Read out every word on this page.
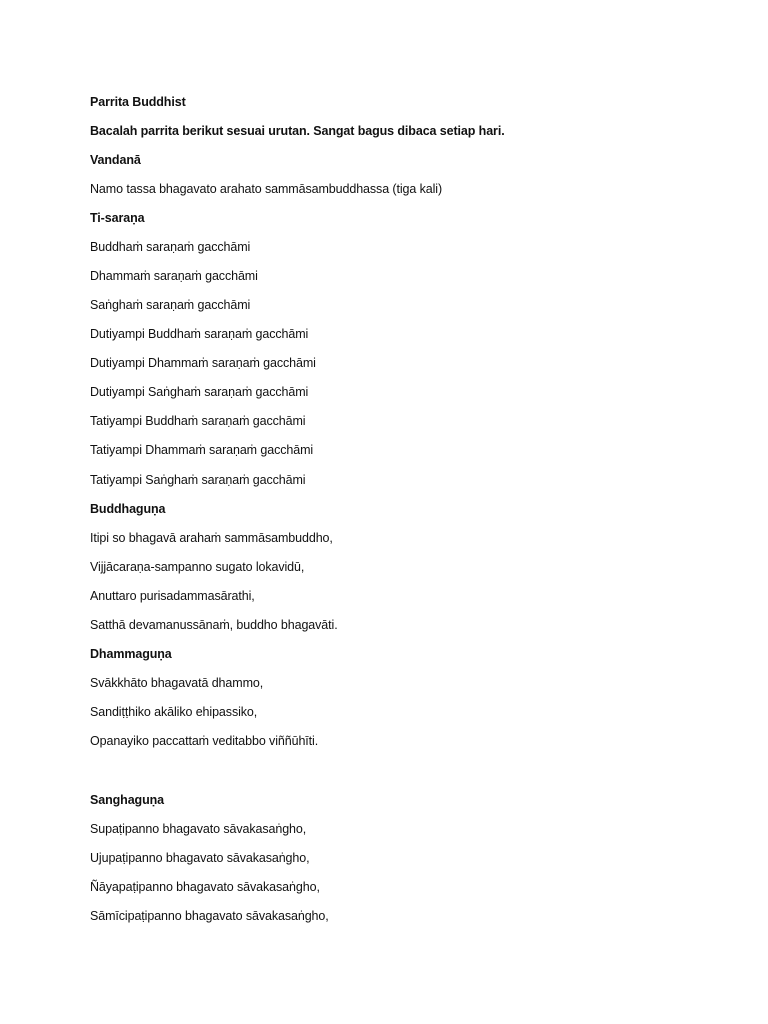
Parrita Buddhist
Bacalah parrita berikut sesuai urutan. Sangat bagus dibaca setiap hari.
Vandanā
Namo tassa bhagavato arahato sammāsambuddhassa (tiga kali)
Ti-saraṇa
Buddhaṁ saraṇaṁ gacchāmi
Dhammaṁ saraṇaṁ gacchāmi
Saṅghaṁ saraṇaṁ gacchāmi
Dutiyampi Buddhaṁ saraṇaṁ gacchāmi
Dutiyampi Dhammaṁ saraṇaṁ gacchāmi
Dutiyampi Saṅghaṁ saraṇaṁ gacchāmi
Tatiyampi Buddhaṁ saraṇaṁ gacchāmi
Tatiyampi Dhammaṁ saraṇaṁ gacchāmi
Tatiyampi Saṅghaṁ saraṇaṁ gacchāmi
Buddhaguṇa
Itipi so bhagavā arahaṁ sammāsambuddho,
Vijjācaraṇa-sampanno sugato lokavidū,
Anuttaro purisadammasārathi,
Satthā devamanussānaṁ, buddho bhagavāti.
Dhammaguṇa
Svākkhāto bhagavatā dhammo,
Sandiṭṭhiko akāliko ehipassiko,
Opanayiko paccattaṁ veditabbo viññūhīti.
Sanghaguṇa
Supaṭipanno bhagavato sāvakasaṅgho,
Ujupaṭipanno bhagavato sāvakasaṅgho,
Ñāyapaṭipanno bhagavato sāvakasaṅgho,
Sāmīcipaṭipanno bhagavato sāvakasaṅgho,
